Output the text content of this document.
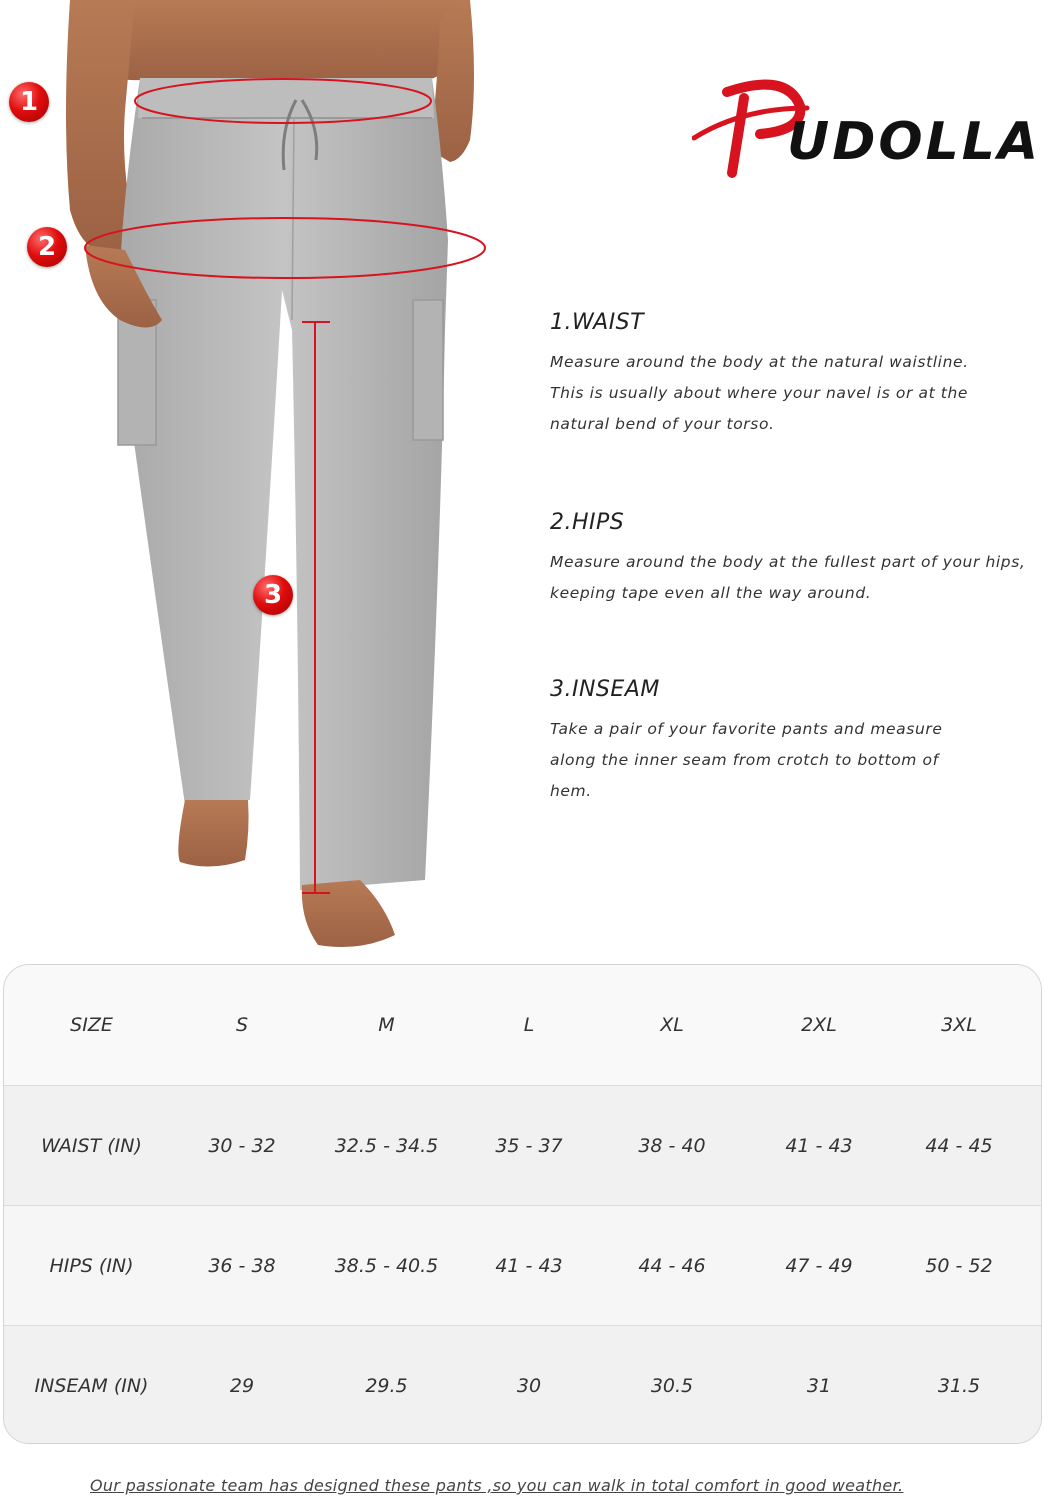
1
2
3
UDOLLA
1.WAIST
Measure around the body at the natural waistline. This is usually about where your navel is or at the natural bend of your torso.
2.HIPS
Measure around the body at the fullest part of your hips, keeping tape even all the way around.
3.INSEAM
Take a pair of your favorite pants and measure along the inner seam from crotch to bottom of hem.
SIZE	S	M	L	XL	2XL	3XL
WAIST (IN)	30 - 32	32.5 - 34.5	35 - 37	38 - 40	41 - 43	44 - 45
HIPS (IN)	36 - 38	38.5 - 40.5	41 - 43	44 - 46	47 - 49	50 - 52
INSEAM (IN)	29	29.5	30	30.5	31	31.5
Our passionate team has designed these pants ,so you can walk in total comfort in good weather.
